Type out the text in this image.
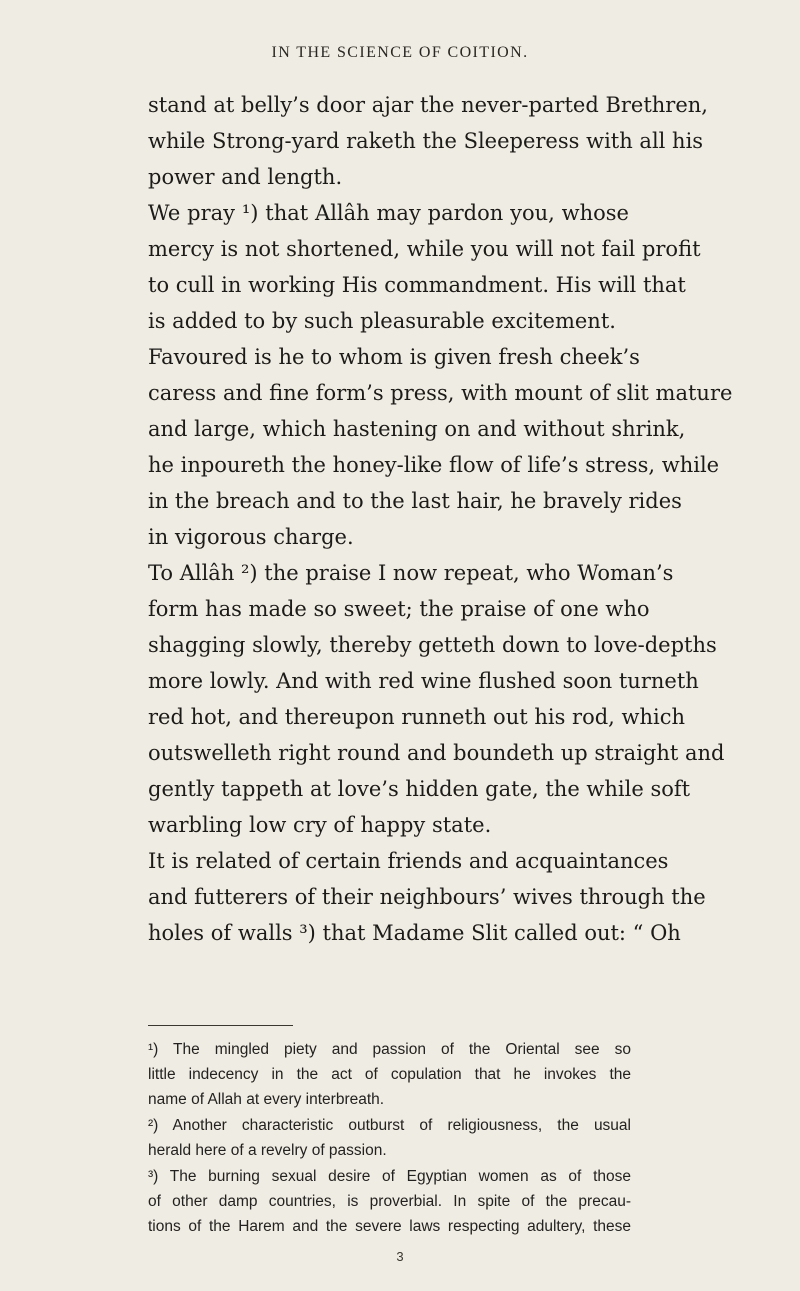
IN THE SCIENCE OF COITION.
stand at belly’s door ajar the never-parted Brethren,
while Strong-yard raketh the Sleeperess with all his
power and length.
We pray ¹) that Allâh may pardon you, whose
mercy is not shortened, while you will not fail profit
to cull in working His commandment. His will that
is added to by such pleasurable excitement.
Favoured is he to whom is given fresh cheek’s
caress and fine form’s press, with mount of slit mature
and large, which hastening on and without shrink,
he inpoureth the honey-like flow of life’s stress, while
in the breach and to the last hair, he bravely rides
in vigorous charge.
To Allâh ²) the praise I now repeat, who Woman’s
form has made so sweet; the praise of one who
shagging slowly, thereby getteth down to love-depths
more lowly. And with red wine flushed soon turneth
red hot, and thereupon runneth out his rod, which
outswelleth right round and boundeth up straight and
gently tappeth at love’s hidden gate, the while soft
warbling low cry of happy state.
It is related of certain friends and acquaintances
and futterers of their neighbours’ wives through the
holes of walls ³) that Madame Slit called out: “ Oh
¹) The mingled piety and passion of the Oriental see so
little indecency in the act of copulation that he invokes the
name of Allah at every interbreath.
²) Another characteristic outburst of religiousness, the usual
herald here of a revelry of passion.
³) The burning sexual desire of Egyptian women as of those
of other damp countries, is proverbial. In spite of the precau-
tions of the Harem and the severe laws respecting adultery, these
3
